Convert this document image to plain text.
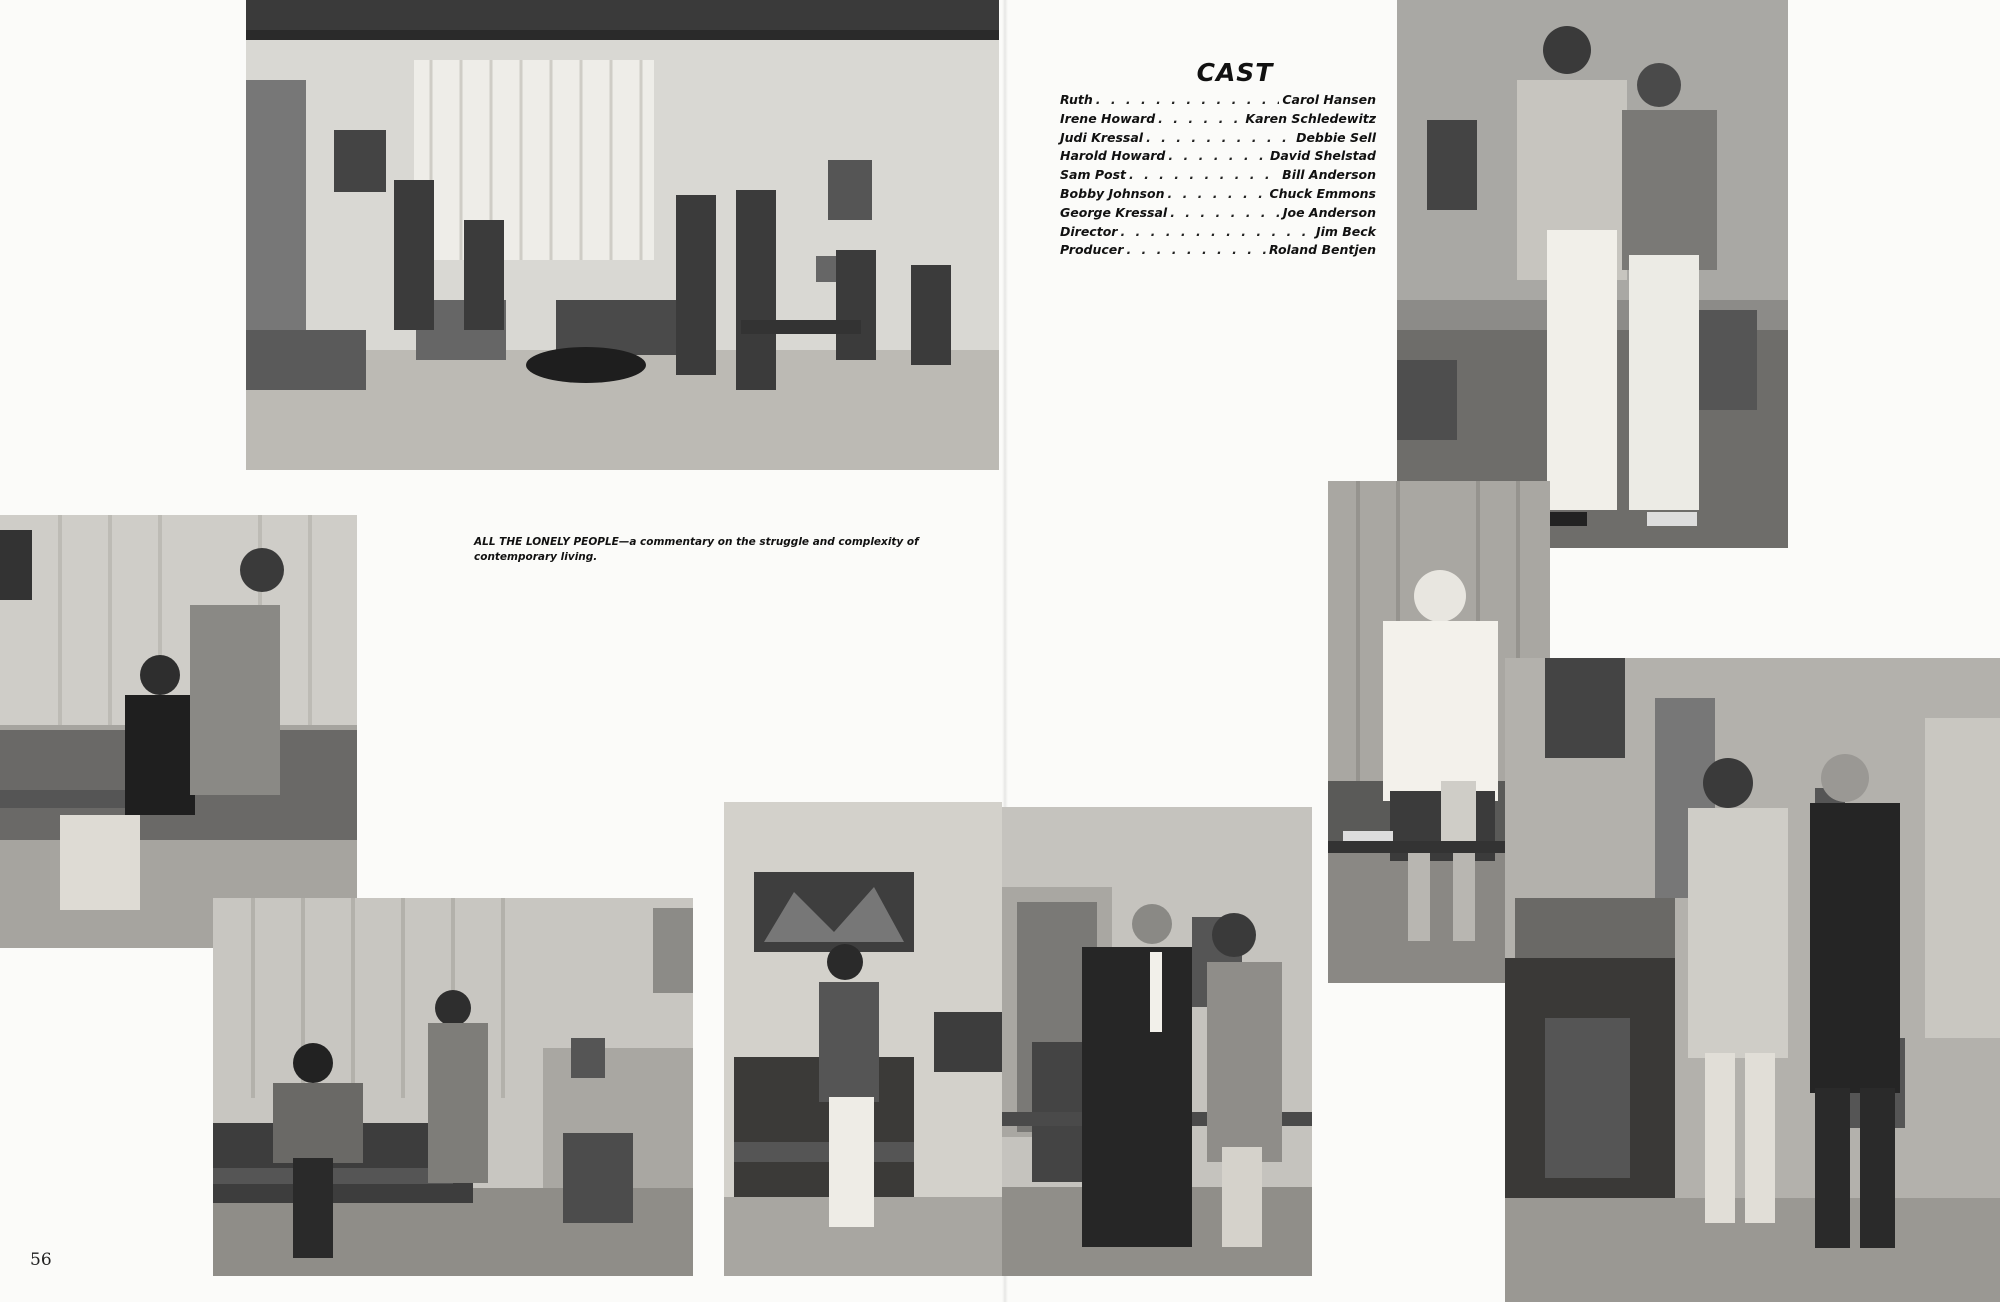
CAST
Ruth . . .	Carol Hansen
Irene Howard . . .	Karen Schledewitz
Judi Kressal . . .	Debbie Sell
Harold Howard . . .	David Shelstad
Sam Post . . .	Bill Anderson
Bobby Johnson . . .	Chuck Emmons
George Kressal . . .	Joe Anderson
Director . . .	Jim Beck
Producer . . .	Roland Bentjen
ALL THE LONELY PEOPLE—a commentary on the struggle and complexity of contemporary living.
56
